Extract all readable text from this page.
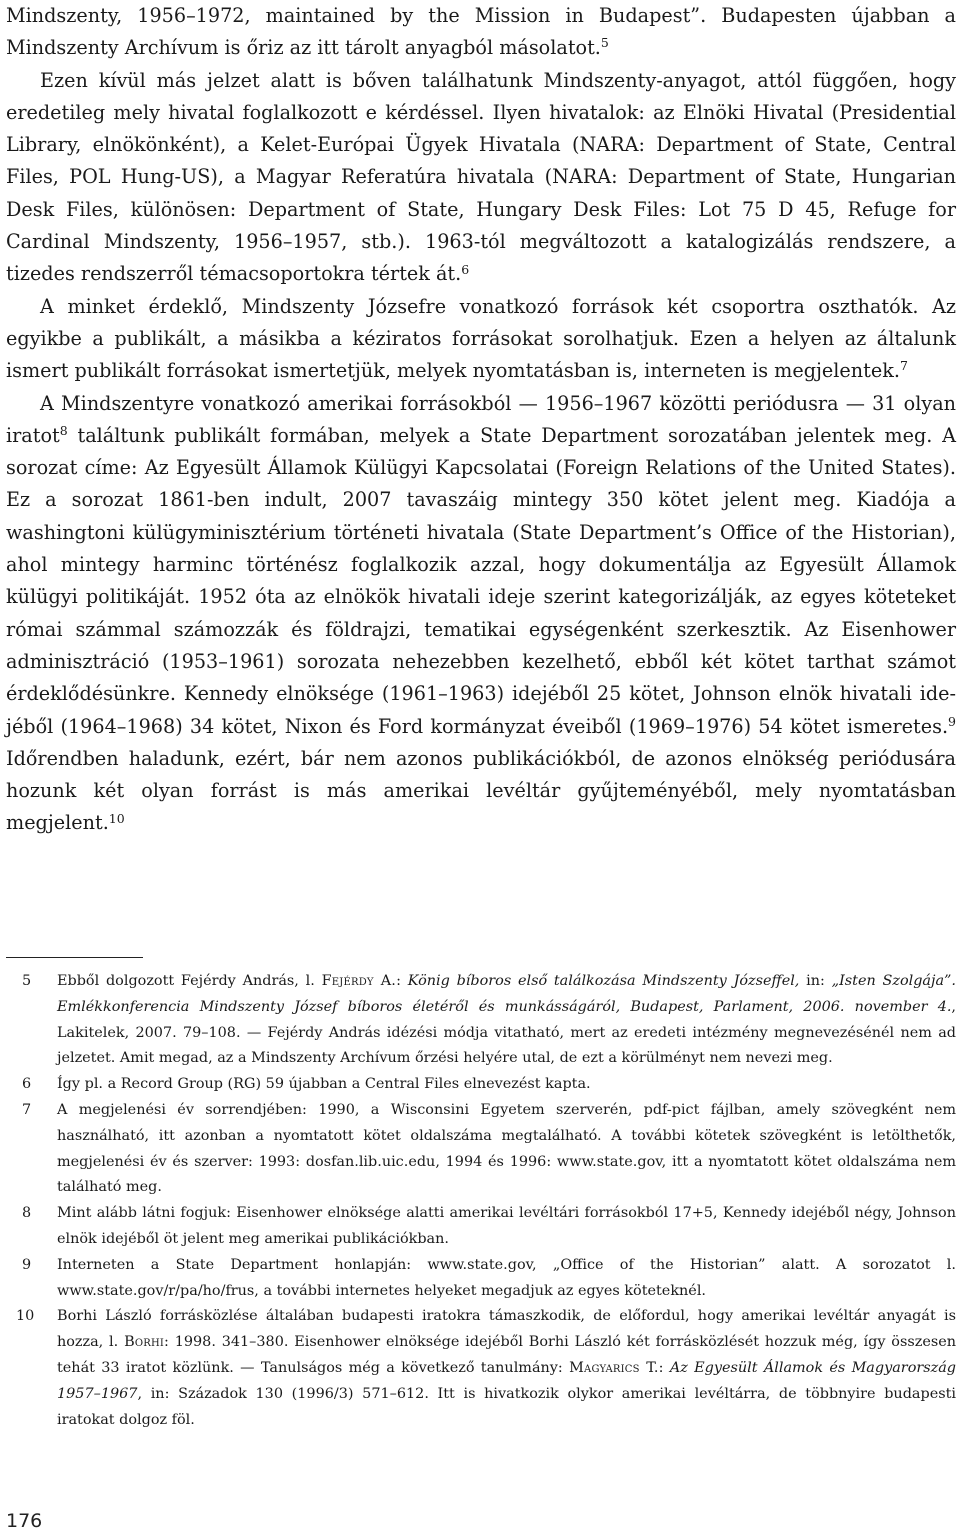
Mindszenty, 1956–1972, maintained by the Mission in Budapest”. Budapesten újabban a Mindszenty Archívum is őriz az itt tárolt anyagból másolatot.$^5$

Ezen kívül más jelzet alatt is bőven találhatunk Mindszenty-anyagot, attól függően, hogy eredetileg mely hivatal foglalkozott e kérdéssel. Ilyen hivatalok: az Elnöki Hivatal (Presidential Library, elnökönként), a Kelet-Európai Ügyek Hivatala (NARA: Department of State, Central Files, POL Hung-US), a Magyar Referatúra hivatala (NARA: Department of State, Hungarian Desk Files, különösen: Department of State, Hungary Desk Files: Lot 75 D 45, Refuge for Cardinal Mindszenty, 1956–1957, stb.). 1963-tól megváltozott a katalogizálás rendszere, a tizedes rendszerről témacsoportokra tértek át.$^6$

A minket érdeklő, Mindszenty Józsefre vonatkozó források két csoportra oszthatók. Az egyikbe a publikált, a másikba a kéziratos forrásokat sorolhatjuk. Ezen a helyen az általunk ismert publikált forrásokat ismertetjük, melyek nyomtatásban is, interneten is megjelentek.$^7$

A Mindszentyre vonatkozó amerikai forrásokból — 1956–1967 közötti periódusra — 31 olyan iratot$^8$ találtunk publikált formában, melyek a State Department sorozatában jelentek meg. A sorozat címe: Az Egyesült Államok Külügyi Kapcsolatai (Foreign Relations of the United States). Ez a sorozat 1861-ben indult, 2007 tavaszáig mintegy 350 kötet jelent meg. Kiadója a washingtoni külügyminisztérium történeti hivatala (State Department’s Office of the Historian), ahol mintegy harminc történész foglalkozik azzal, hogy dokumentálja az Egyesült Államok külügyi politikáját. 1952 óta az elnökök hivatali ideje szerint kategorizálják, az egyes köteteket római számmal számozzák és földrajzi, tematikai egységenként szerkesztik. Az Eisenhower adminisztráció (1953–1961) sorozata nehezebben kezelhető, ebből két kötet tarthat számot érdeklődésünkre. Kennedy elnöksége (1961–1963) idejéből 25 kötet, Johnson elnök hivatali idejéből (1964–1968) 34 kötet, Nixon és Ford kormányzat éveiből (1969–1976) 54 kötet ismeretes.$^9$ Időrendben haladunk, ezért, bár nem azonos publikációkból, de azonos elnökség periódusára hozunk két olyan forrást is más amerikai levéltár gyűjteményéből, mely nyomtatásban megjelent.$^{10}$

5	Ebből dolgozott Fejérdy András, l. Fejérdy A.: König bíboros első találkozása Mindszenty Józseffel, in: „Isten Szolgája”. Emlékkonferencia Mindszenty József bíboros életéről és munkásságáról, Budapest, Parlament, 2006. november 4., Lakitelek, 2007. 79–108. — Fejérdy András idézési módja vitatható, mert az eredeti intézmény megnevezésénél nem ad jelzetet. Amit megad, az a Mindszenty Archívum őrzési helyére utal, de ezt a körülményt nem nevezi meg.
6	Így pl. a Record Group (RG) 59 újabban a Central Files elnevezést kapta.
7	A megjelenési év sorrendjében: 1990, a Wisconsini Egyetem szerverén, pdf-pict fájlban, amely szövegként nem használható, itt azonban a nyomtatott kötet oldalszáma megtalálható. A további kötetek szövegként is letölthetők, megjelenési év és szerver: 1993: dosfan.lib.uic.edu, 1994 és 1996: www.state.gov, itt a nyomtatott kötet oldalszáma nem található meg.
8	Mint alább látni fogjuk: Eisenhower elnöksége alatti amerikai levéltári forrásokból 17+5, Kennedy idejéből négy, Johnson elnök idejéből öt jelent meg amerikai publikációkban.
9	Interneten a State Department honlapján: www.state.gov, „Office of the Historian” alatt. A sorozatot l. www.state.gov/r/pa/ho/frus, a további internetes helyeket megadjuk az egyes köteteknél.
10	Borhi László forrásközlése általában budapesti iratokra támaszkodik, de előfordul, hogy amerikai levéltár anyagát is hozza, l. Borhi: 1998. 341–380. Eisenhower elnöksége idejéből Borhi László két forrásközlését hozzuk még, így összesen tehát 33 iratot közlünk. — Tanulságos még a következő tanulmány: Magyarics T.: Az Egyesült Államok és Magyarország 1957–1967, in: Századok 130 (1996/3) 571–612. Itt is hivatkozik olykor amerikai levéltárra, de többnyire budapesti iratokat dolgoz föl.
176
